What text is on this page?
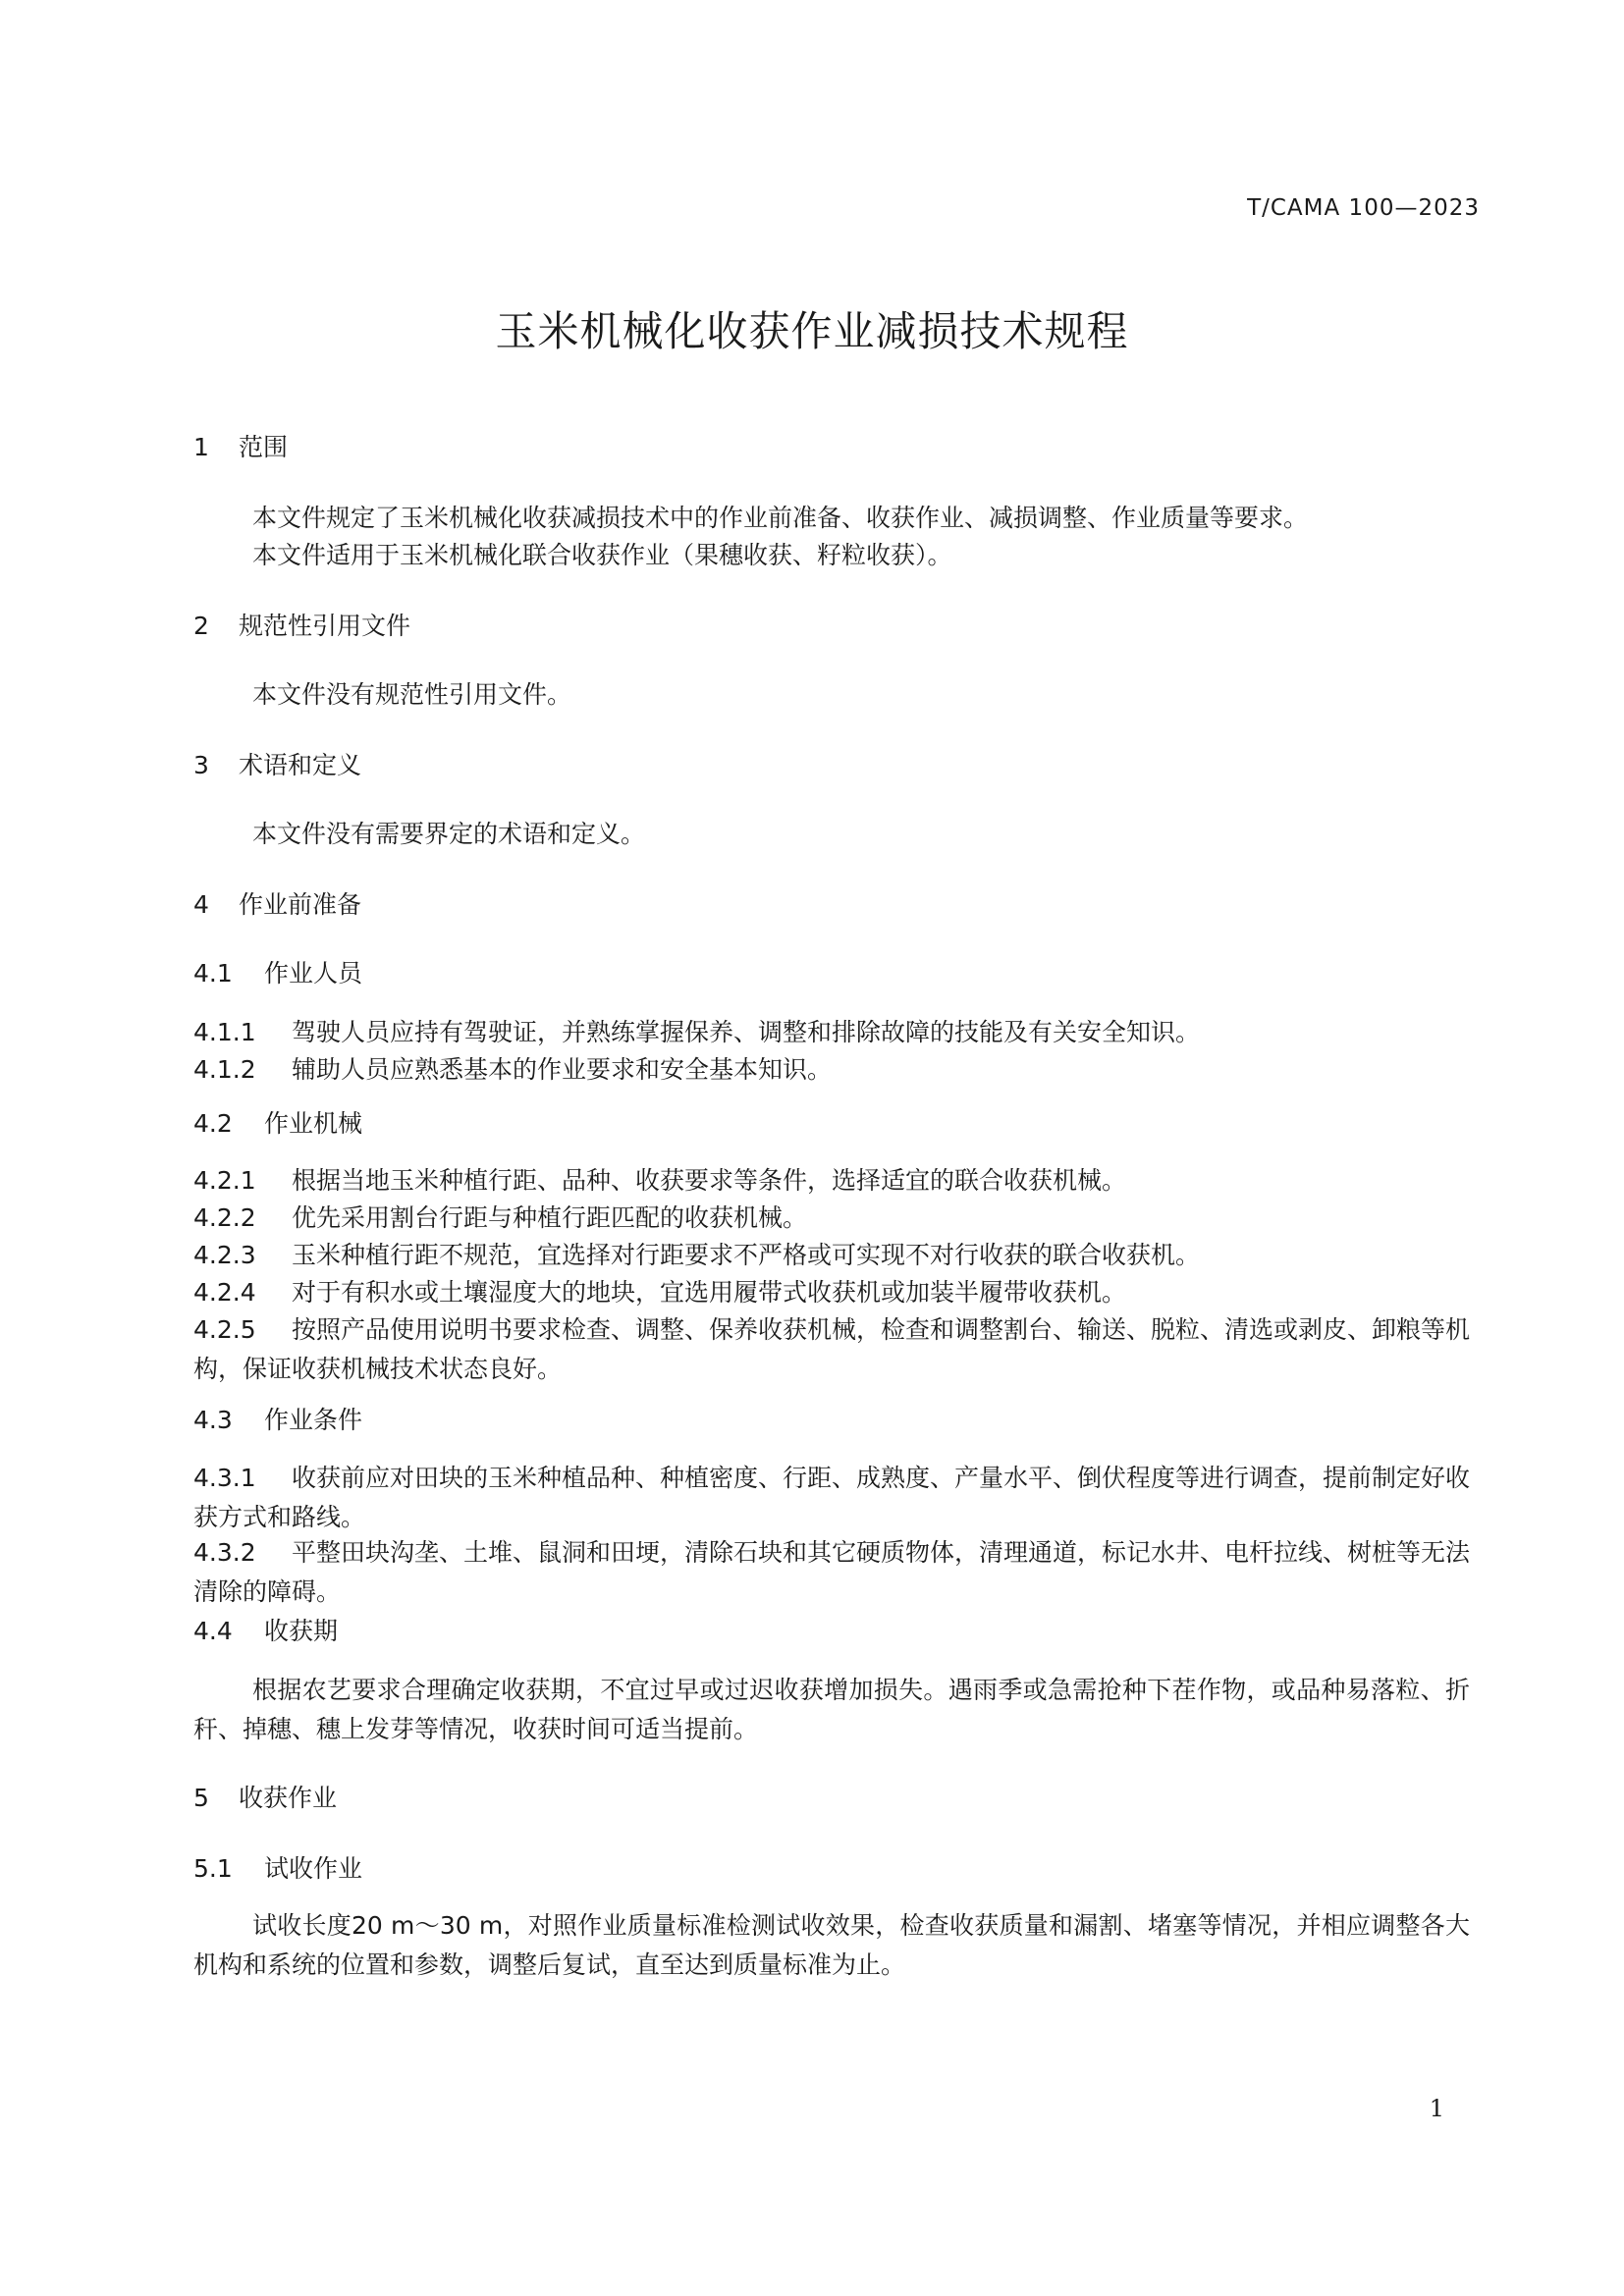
T/CAMA 100—2023
玉米机械化收获作业减损技术规程
1 范围
本文件规定了玉米机械化收获减损技术中的作业前准备、收获作业、减损调整、作业质量等要求。
本文件适用于玉米机械化联合收获作业（果穗收获、籽粒收获）。
2 规范性引用文件
本文件没有规范性引用文件。
3 术语和定义
本文件没有需要界定的术语和定义。
4 作业前准备
4.1 作业人员
4.1.1 驾驶人员应持有驾驶证，并熟练掌握保养、调整和排除故障的技能及有关安全知识。
4.1.2 辅助人员应熟悉基本的作业要求和安全基本知识。
4.2 作业机械
4.2.1 根据当地玉米种植行距、品种、收获要求等条件，选择适宜的联合收获机械。
4.2.2 优先采用割台行距与种植行距匹配的收获机械。
4.2.3 玉米种植行距不规范，宜选择对行距要求不严格或可实现不对行收获的联合收获机。
4.2.4 对于有积水或土壤湿度大的地块，宜选用履带式收获机或加装半履带收获机。
4.2.5 按照产品使用说明书要求检查、调整、保养收获机械，检查和调整割台、输送、脱粒、清选或剥皮、卸粮等机构，保证收获机械技术状态良好。
4.3 作业条件
4.3.1 收获前应对田块的玉米种植品种、种植密度、行距、成熟度、产量水平、倒伏程度等进行调查，提前制定好收获方式和路线。
4.3.2 平整田块沟垄、土堆、鼠洞和田埂，清除石块和其它硬质物体，清理通道，标记水井、电杆拉线、树桩等无法清除的障碍。
4.4 收获期
根据农艺要求合理确定收获期，不宜过早或过迟收获增加损失。遇雨季或急需抢种下茬作物，或品种易落粒、折秆、掉穗、穗上发芽等情况，收获时间可适当提前。
5 收获作业
5.1 试收作业
试收长度20 m～30 m，对照作业质量标准检测试收效果，检查收获质量和漏割、堵塞等情况，并相应调整各大机构和系统的位置和参数，调整后复试，直至达到质量标准为止。
1
